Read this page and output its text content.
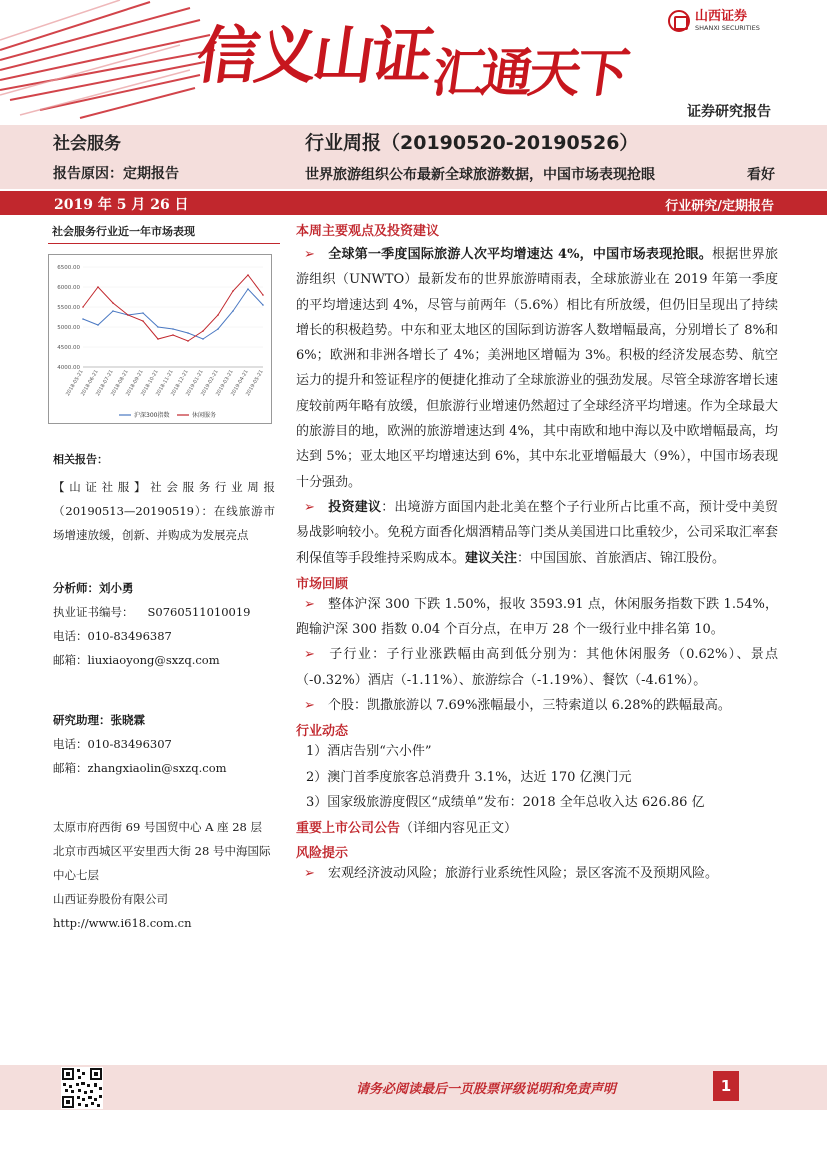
信义山证$_{汇通天下}$
山西证券
SHANXI SECURITIES
证券研究报告
社会服务
报告原因：定期报告
行业周报（20190520-20190526）
世界旅游组织公布最新全球旅游数据，中国市场表现抢眼	看好
2019 年 5 月 26 日	行业研究/定期报告
社会服务行业近一年市场表现
6500.00
6000.00
5500.00
5000.00
4500.00
4000.00
2018-05-21
2018-06-21
2018-07-21
2018-08-21
2018-09-21
2018-10-21
2018-11-21
2018-12-21
2019-01-21
2019-02-21
2019-03-21
2019-04-21
2019-05-21
沪深300指数	休闲服务
相关报告：
【山证社服】社会服务行业周报（20190513—20190519）：在线旅游市场增速放缓，创新、并购成为发展亮点
分析师：刘小勇
执业证书编号： S0760511010019
电话：010-83496387
邮箱：liuxiaoyong@sxzq.com
研究助理：张晓霖
电话：010-83496307
邮箱：zhangxiaolin@sxzq.com
太原市府西街 69 号国贸中心 A 座 28 层
北京市西城区平安里西大街 28 号中海国际中心七层
山西证券股份有限公司
http://www.i618.com.cn
本周主要观点及投资建议
➢ 全球第一季度国际旅游人次平均增速达 4%，中国市场表现抢眼。根据世界旅游组织（UNWTO）最新发布的世界旅游晴雨表，全球旅游业在 2019 年第一季度的平均增速达到 4%，尽管与前两年（5.6%）相比有所放缓，但仍旧呈现出了持续增长的积极趋势。中东和亚太地区的国际到访游客人数增幅最高，分别增长了 8%和 6%；欧洲和非洲各增长了 4%；美洲地区增幅为 3%。积极的经济发展态势、航空运力的提升和签证程序的便捷化推动了全球旅游业的强劲发展。尽管全球游客增长速度较前两年略有放缓，但旅游行业增速仍然超过了全球经济平均增速。作为全球最大的旅游目的地，欧洲的旅游增速达到 4%，其中南欧和地中海以及中欧增幅最高，均达到 5%；亚太地区平均增速达到 6%，其中东北亚增幅最大（9%），中国市场表现十分强劲。
➢ 投资建议：出境游方面国内赴北美在整个子行业所占比重不高，预计受中美贸易战影响较小。免税方面香化烟酒精品等门类从美国进口比重较少，公司采取汇率套利保值等手段维持采购成本。建议关注：中国国旅、首旅酒店、锦江股份。
市场回顾
➢ 整体沪深 300 下跌 1.50%，报收 3593.91 点，休闲服务指数下跌 1.54%，跑输沪深 300 指数 0.04 个百分点，在申万 28 个一级行业中排名第 10。
➢ 子行业：子行业涨跌幅由高到低分别为：其他休闲服务（0.62%）、景点（-0.32%）酒店（-1.11%）、旅游综合（-1.19%）、餐饮（-4.61%）。
➢ 个股：凯撒旅游以 7.69%涨幅最小，三特索道以 6.28%的跌幅最高。
行业动态
1）酒店告别“六小件”
2）澳门首季度旅客总消费升 3.1%，达近 170 亿澳门元
3）国家级旅游度假区“成绩单”发布：2018 全年总收入达 626.86 亿
重要上市公司公告（详细内容见正文）
风险提示
➢ 宏观经济波动风险；旅游行业系统性风险；景区客流不及预期风险。
请务必阅读最后一页股票评级说明和免责声明	1
